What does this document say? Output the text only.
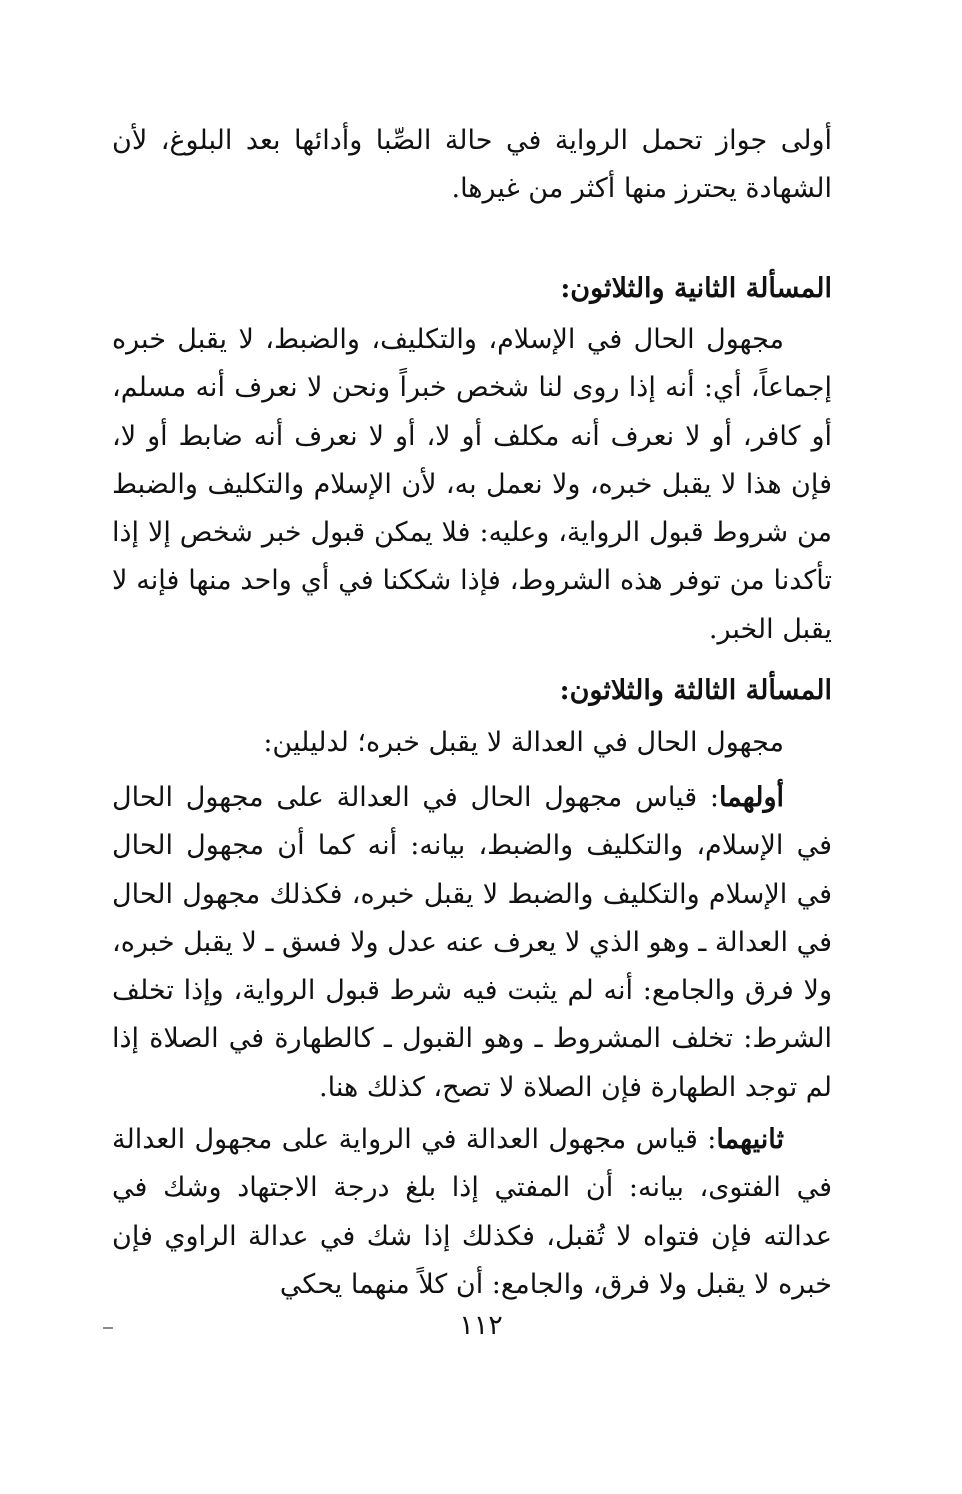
أولى جواز تحمل الرواية في حالة الصِّبا وأدائها بعد البلوغ، لأن الشهادة يحترز منها أكثر من غيرها.

المسألة الثانية والثلاثون:

مجهول الحال في الإسلام، والتكليف، والضبط، لا يقبل خبره إجماعاً، أي: أنه إذا روى لنا شخص خبراً ونحن لا نعرف أنه مسلم، أو كافر، أو لا نعرف أنه مكلف أو لا، أو لا نعرف أنه ضابط أو لا، فإن هذا لا يقبل خبره، ولا نعمل به، لأن الإسلام والتكليف والضبط من شروط قبول الرواية، وعليه: فلا يمكن قبول خبر شخص إلا إذا تأكدنا من توفر هذه الشروط، فإذا شككنا في أي واحد منها فإنه لا يقبل الخبر.

المسألة الثالثة والثلاثون:

مجهول الحال في العدالة لا يقبل خبره؛ لدليلين:

أولهما: قياس مجهول الحال في العدالة على مجهول الحال في الإسلام، والتكليف والضبط، بيانه: أنه كما أن مجهول الحال في الإسلام والتكليف والضبط لا يقبل خبره، فكذلك مجهول الحال في العدالة ـ وهو الذي لا يعرف عنه عدل ولا فسق ـ لا يقبل خبره، ولا فرق والجامع: أنه لم يثبت فيه شرط قبول الرواية، وإذا تخلف الشرط: تخلف المشروط ـ وهو القبول ـ كالطهارة في الصلاة إذا لم توجد الطهارة فإن الصلاة لا تصح، كذلك هنا.

ثانيهما: قياس مجهول العدالة في الرواية على مجهول العدالة في الفتوى، بيانه: أن المفتي إذا بلغ درجة الاجتهاد وشك في عدالته فإن فتواه لا تُقبل، فكذلك إذا شك في عدالة الراوي فإن خبره لا يقبل ولا فرق، والجامع: أن كلاً منهما يحكي

١١٢
